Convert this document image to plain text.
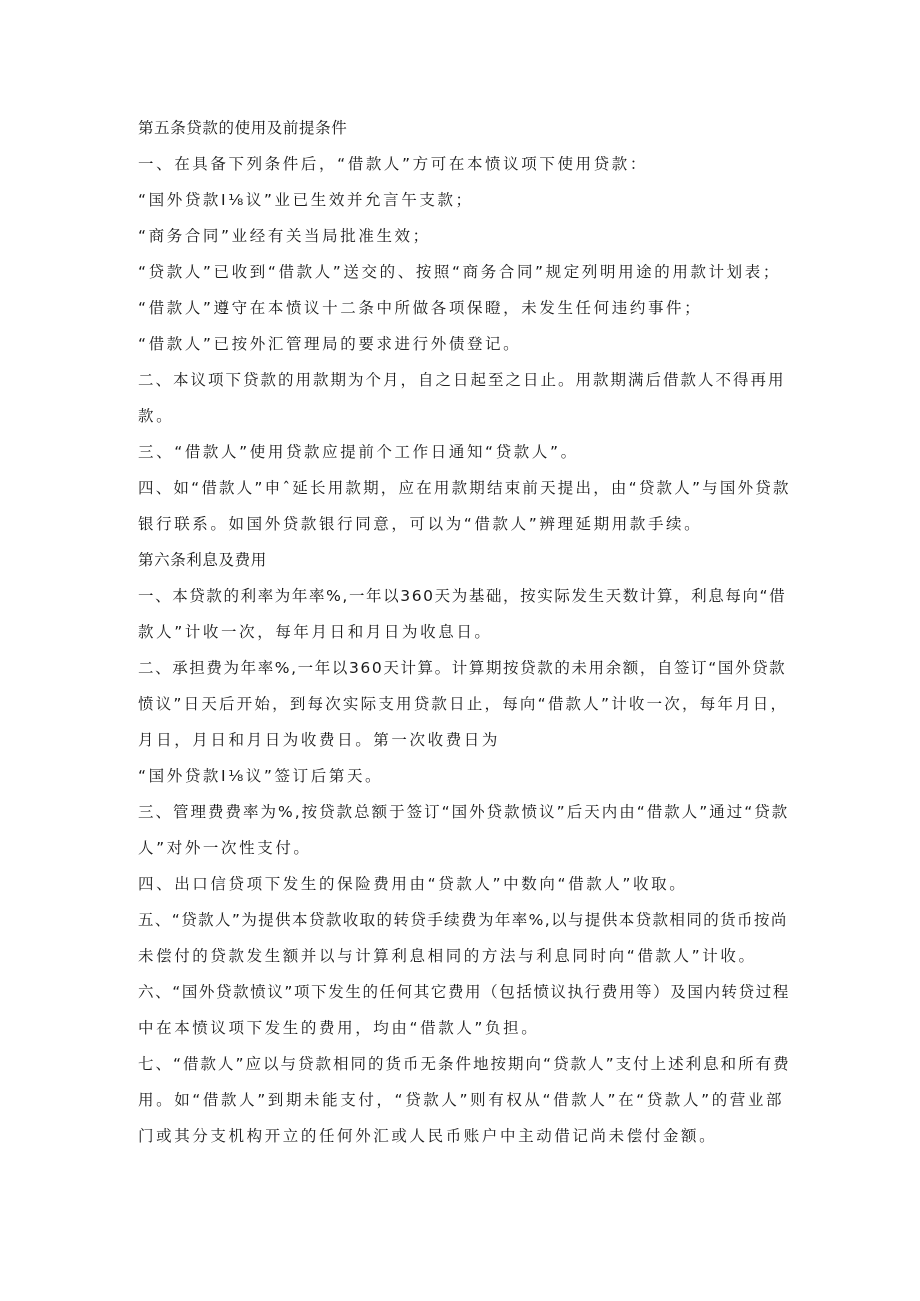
第五条贷款的使用及前提条件

一、在具备下列条件后，“借款人”方可在本愤议项下使用贷款：

“国外贷款Ⅰ⅛议”业已生效并允言午支款；

“商务合同”业经有关当局批准生效；

“贷款人”已收到“借款人”送交的、按照“商务合同”规定列明用途的用款计划表；

“借款人”遵守在本愤议十二条中所做各项保瞪，未发生任何违约事件；

“借款人”已按外汇管理局的要求进行外债登记。

二、本议项下贷款的用款期为个月，自之日起至之日止。用款期满后借款人不得再用

款。

三、“借款人”使用贷款应提前个工作日通知“贷款人”。

四、如“借款人”申ˆ延长用款期，应在用款期结束前天提出，由“贷款人”与国外贷款

银行联系。如国外贷款银行同意，可以为“借款人”辨理延期用款手续。

第六条利息及费用

一、本贷款的利率为年率%,一年以360天为基础，按实际发生天数计算，利息每向“借

款人”计收一次，每年月日和月日为收息日。

二、承担费为年率%,一年以360天计算。计算期按贷款的未用余额，自签订“国外贷款

愤议”日天后开始，到每次实际支用贷款日止，每向“借款人”计收一次，每年月日，

月日，月日和月日为收费日。第一次收费日为

“国外贷款Ⅰ⅛议”签订后第天。

三、管理费费率为%,按贷款总额于签订“国外贷款愤议”后天内由“借款人”通过“贷款

人”对外一次性支付。

四、出口信贷项下发生的保险费用由“贷款人”中数向“借款人”收取。

五、“贷款人”为提供本贷款收取的转贷手续费为年率%,以与提供本贷款相同的货币按尚

未偿付的贷款发生额并以与计算利息相同的方法与利息同时向“借款人”计收。

六、“国外贷款愤议”项下发生的任何其它费用（包括愤议执行费用等）及国内转贷过程

中在本愤议项下发生的费用，均由“借款人”负担。

七、“借款人”应以与贷款相同的货币无条件地按期向“贷款人”支付上述利息和所有费

用。如“借款人”到期未能支付，“贷款人”则有权从“借款人”在“贷款人”的营业部

门或其分支机构开立的任何外汇或人民币账户中主动借记尚未偿付金额。
